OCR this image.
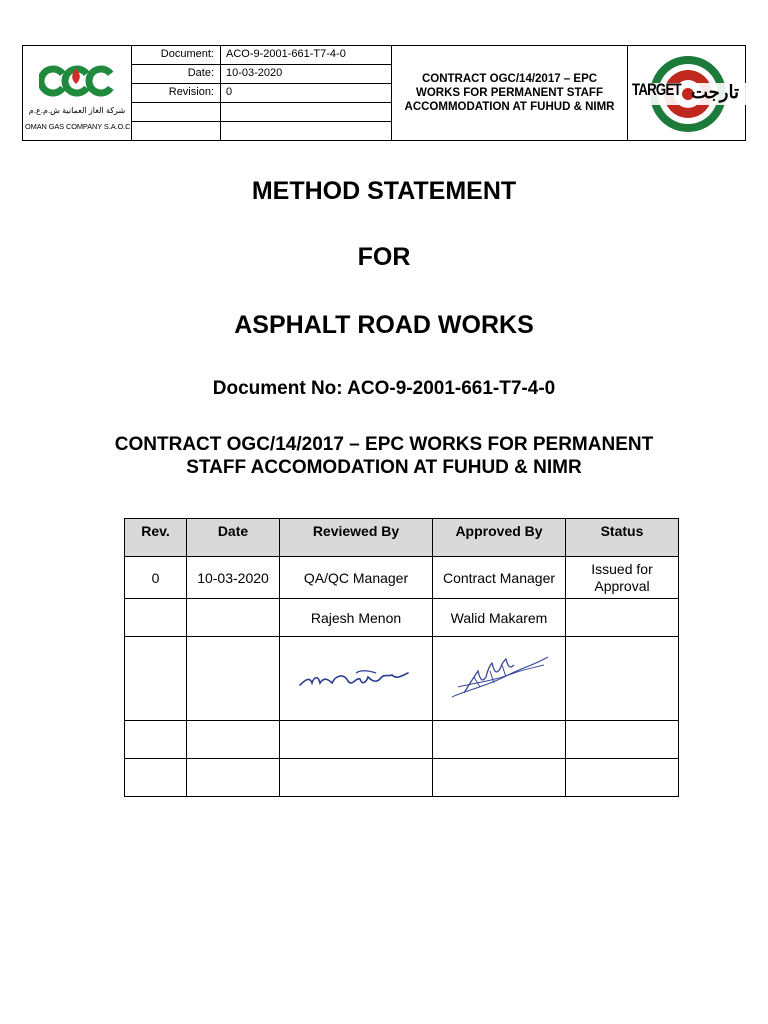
شركة الغاز العمانية ش.م.ع.م
OMAN GAS COMPANY S.A.O.C
Document:	ACO-9-2001-661-T7-4-0
Date:	10-03-2020
Revision:	0
CONTRACT OGC/14/2017 – EPC WORKS FOR PERMANENT STAFF ACCOMMODATION AT FUHUD & NIMR
TARGET تارجت
METHOD STATEMENT
FOR
ASPHALT ROAD WORKS
Document No: ACO-9-2001-661-T7-4-0
CONTRACT OGC/14/2017 – EPC WORKS FOR PERMANENT
STAFF ACCOMODATION AT FUHUD & NIMR
Rev.	Date	Reviewed By	Approved By	Status
0	10-03-2020	QA/QC Manager	Contract Manager	Issued for Approval
		Rajesh Menon	Walid Makarem	
